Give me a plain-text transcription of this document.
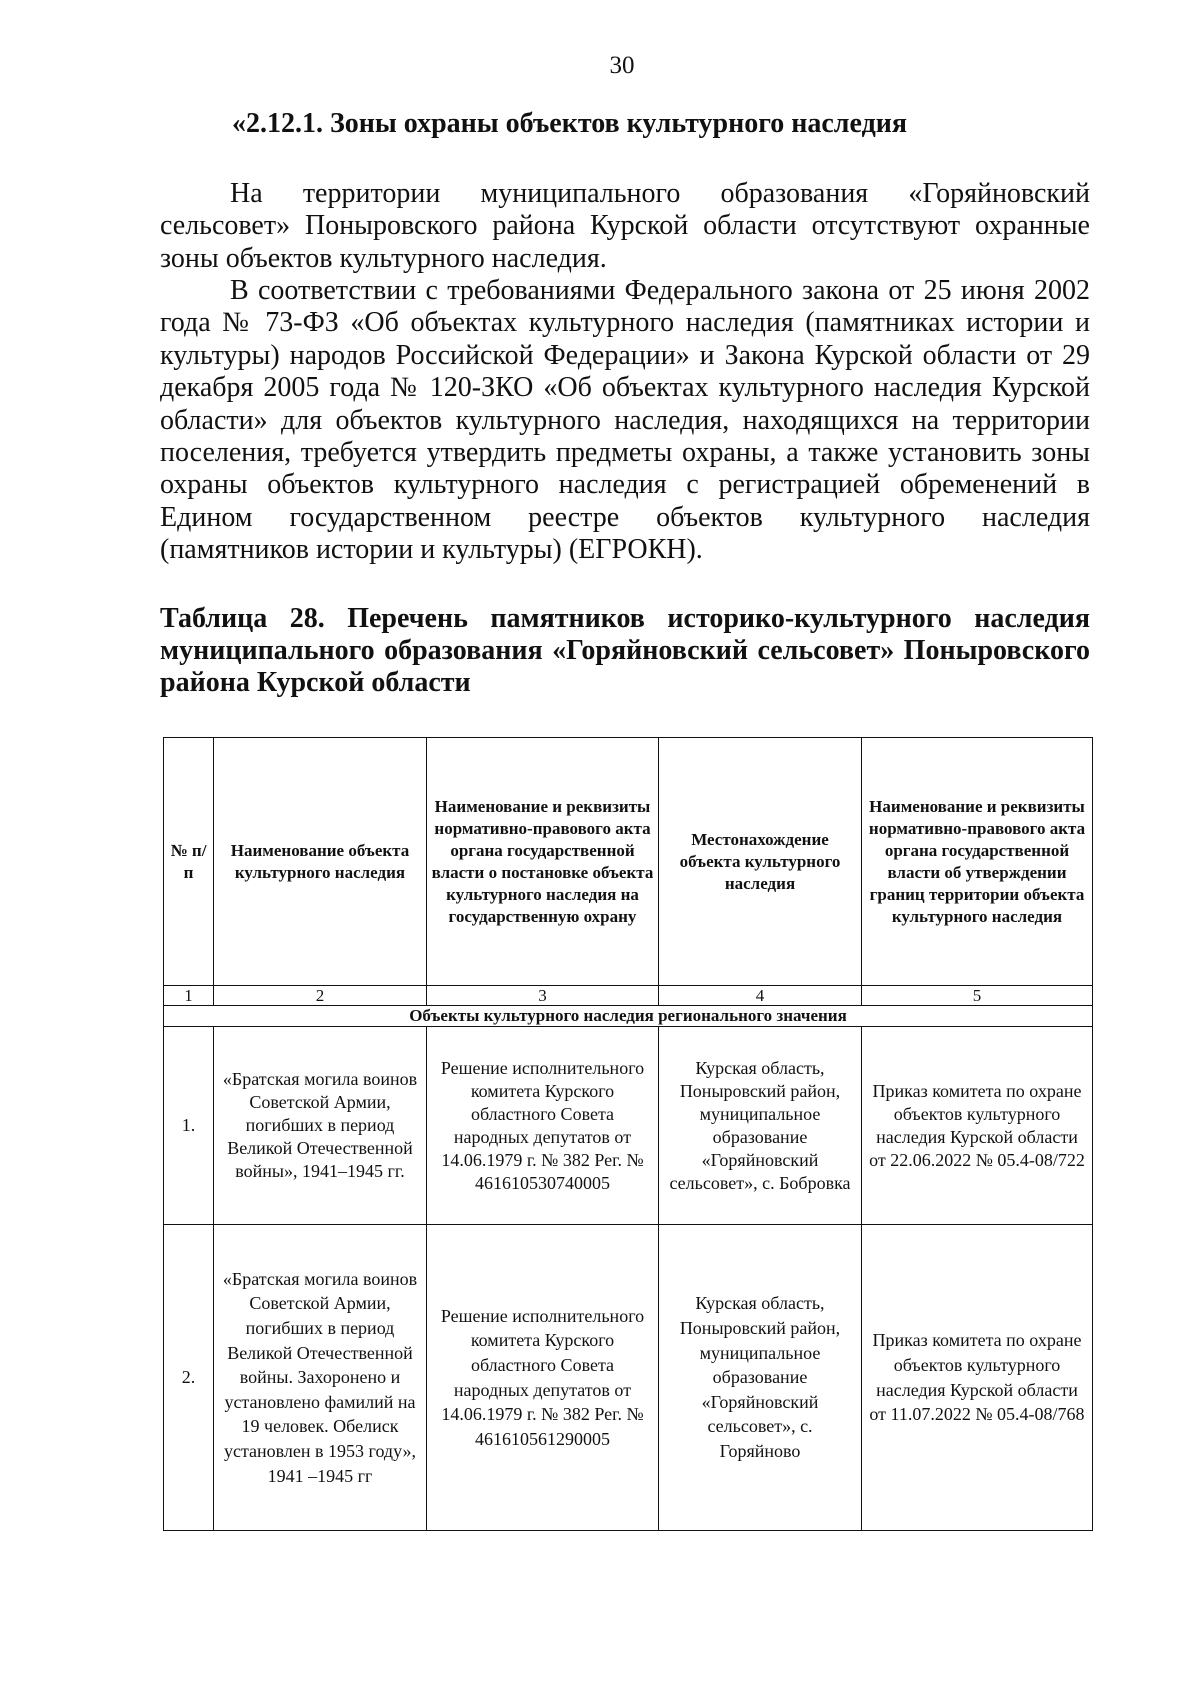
30
«2.12.1. Зоны охраны объектов культурного наследия

На территории муниципального образования «Горяйновский сельсовет» Поныровского района Курской области отсутствуют охранные зоны объектов культурного наследия.

В соответствии с требованиями Федерального закона от 25 июня 2002 года № 73-ФЗ «Об объектах культурного наследия (памятниках истории и культуры) народов Российской Федерации» и Закона Курской области от 29 декабря 2005 года № 120-ЗКО «Об объектах культурного наследия Курской области» для объектов культурного наследия, находящихся на территории поселения, требуется утвердить предметы охраны, а также установить зоны охраны объектов культурного наследия с регистрацией обременений в Едином государственном реестре объектов культурного наследия (памятников истории и культуры) (ЕГРОКН).

Таблица 28. Перечень памятников историко-культурного наследия муниципального образования «Горяйновский сельсовет» Поныровского района Курской области

№ п/п	Наименование объекта культурного наследия	Наименование и реквизиты нормативно-правового акта органа государственной власти о постановке объекта культурного наследия на государственную охрану	Местонахождение объекта культурного наследия	Наименование и реквизиты нормативно-правового акта органа государственной власти об утверждении границ территории объекта культурного наследия
1	2	3	4	5
Объекты культурного наследия регионального значения				
1.	«Братская могила воинов Советской Армии, погибших в период Великой Отечественной войны», 1941–1945 гг.	Решение исполнительного комитета Курского областного Совета народных депутатов от 14.06.1979 г. № 382 Рег. № 461610530740005	Курская область, Поныровский район, муниципальное образование «Горяйновский сельсовет», с. Бобровка	Приказ комитета по охране объектов культурного наследия Курской области от 22.06.2022 № 05.4-08/722
2.	«Братская могила воинов Советской Армии, погибших в период Великой Отечественной войны. Захоронено и установлено фамилий на 19 человек. Обелиск установлен в 1953 году», 1941 –1945 гг	Решение исполнительного комитета Курского областного Совета народных депутатов от 14.06.1979 г. № 382 Рег. № 461610561290005	Курская область, Поныровский район, муниципальное образование «Горяйновский сельсовет», с. Горяйново	Приказ комитета по охране объектов культурного наследия Курской области от 11.07.2022 № 05.4-08/768
